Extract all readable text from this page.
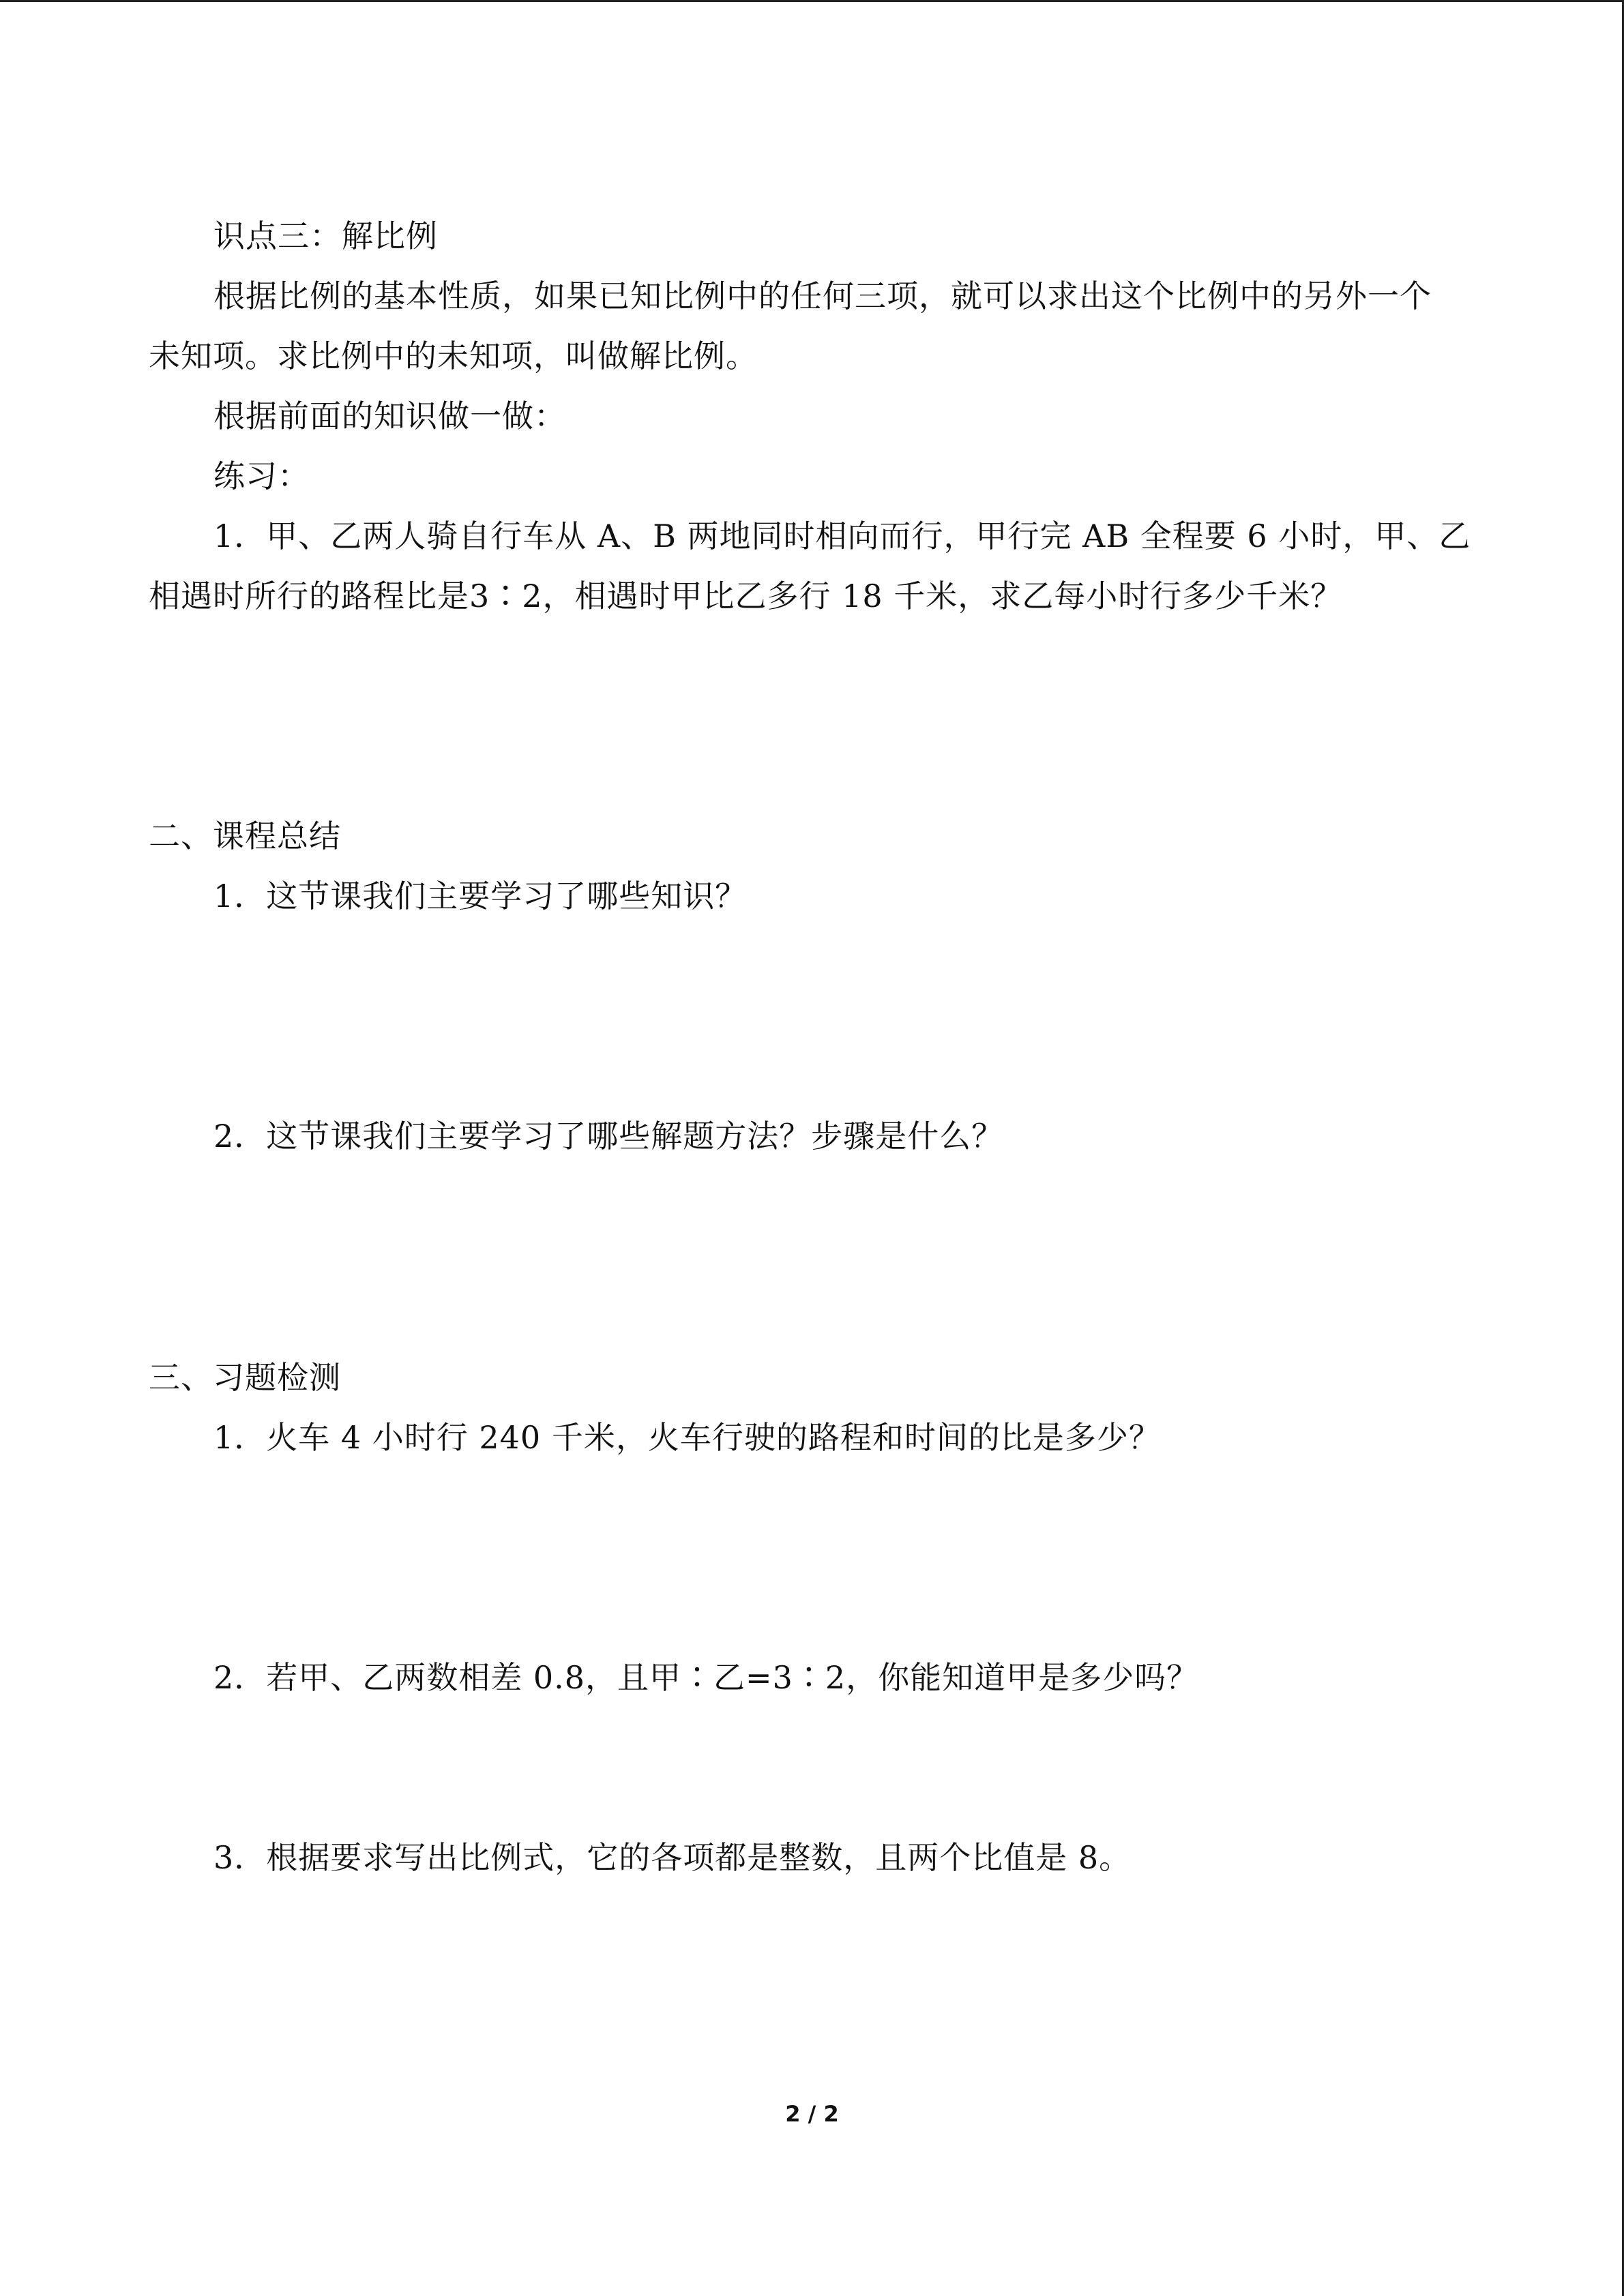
识点三：解比例
根据比例的基本性质，如果已知比例中的任何三项，就可以求出这个比例中的另外一个
未知项。求比例中的未知项，叫做解比例。
根据前面的知识做一做：
练习：
1．甲、乙两人骑自行车从 A、B 两地同时相向而行，甲行完 AB 全程要 6 小时，甲、乙
相遇时所行的路程比是3∶2，相遇时甲比乙多行 18 千米，求乙每小时行多少千米？
二、课程总结
1．这节课我们主要学习了哪些知识？
2．这节课我们主要学习了哪些解题方法？步骤是什么？
三、习题检测
1．火车 4 小时行 240 千米，火车行驶的路程和时间的比是多少？
2．若甲、乙两数相差 0.8，且甲∶乙=3∶2，你能知道甲是多少吗？
3．根据要求写出比例式，它的各项都是整数，且两个比值是 8。
2 / 2
